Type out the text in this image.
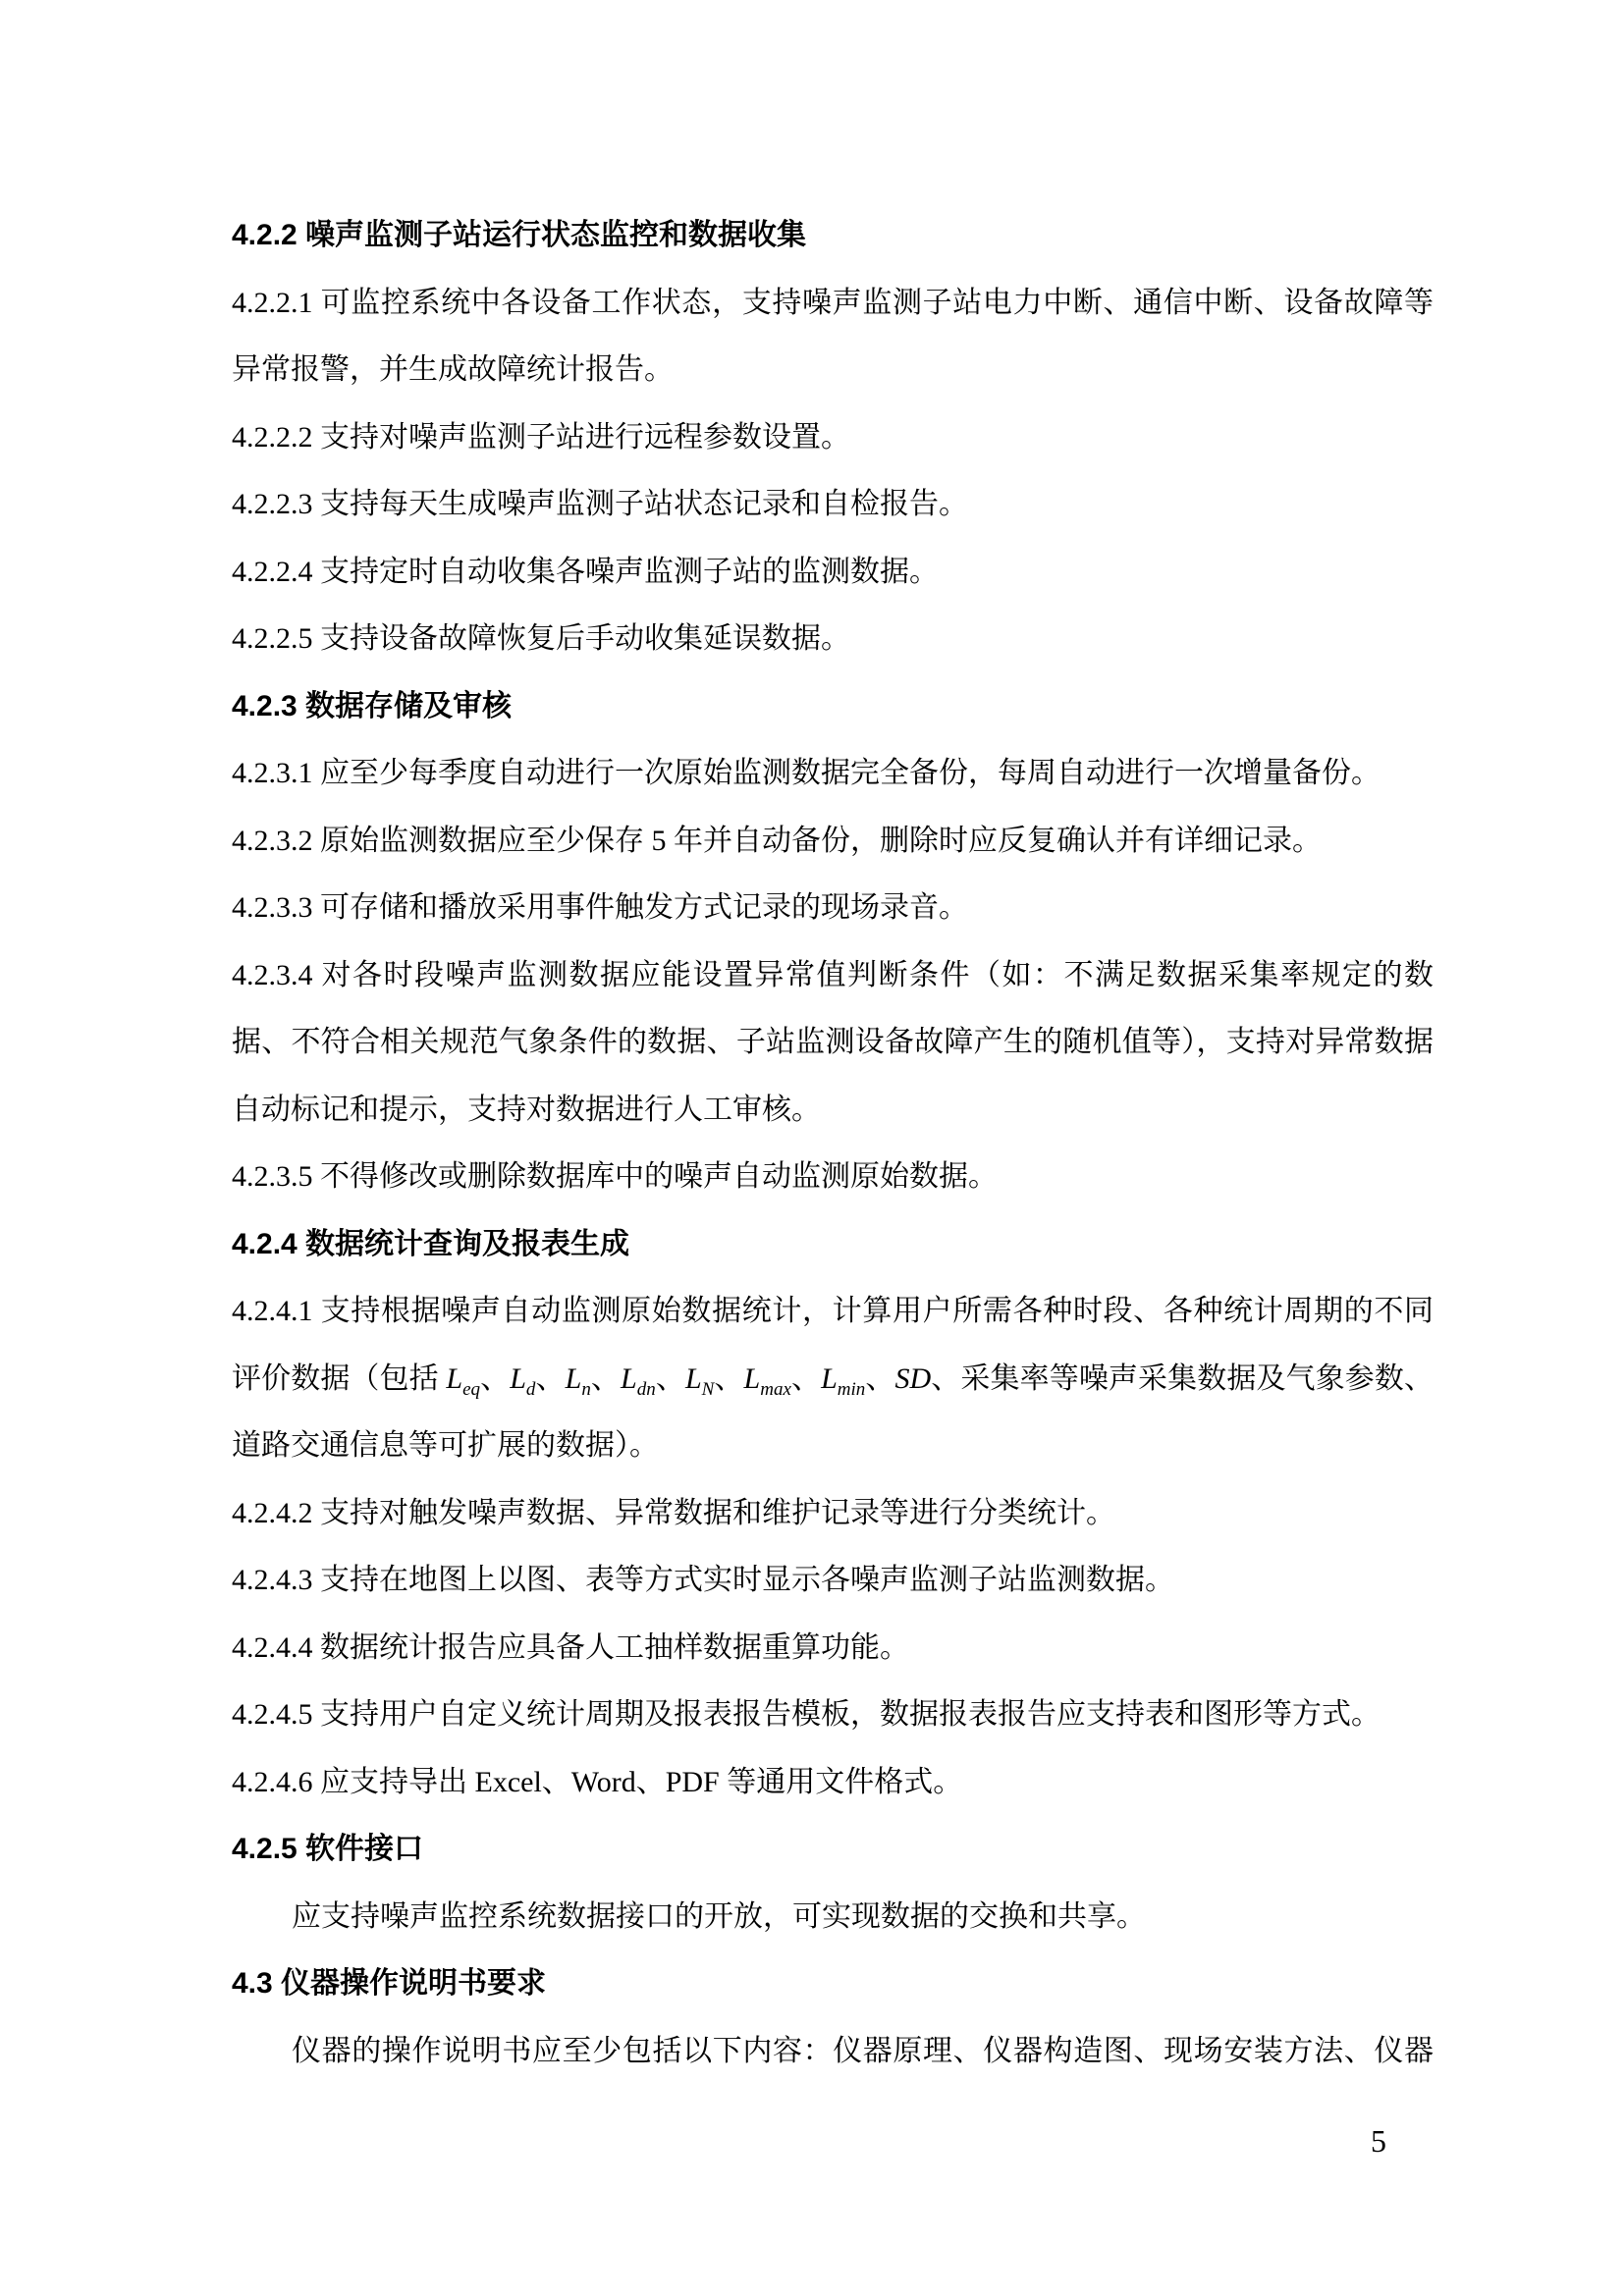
4.2.2 噪声监测子站运行状态监控和数据收集

4.2.2.1 可监控系统中各设备工作状态，支持噪声监测子站电力中断、通信中断、设备故障等异常报警，并生成故障统计报告。

4.2.2.2 支持对噪声监测子站进行远程参数设置。

4.2.2.3 支持每天生成噪声监测子站状态记录和自检报告。

4.2.2.4 支持定时自动收集各噪声监测子站的监测数据。

4.2.2.5 支持设备故障恢复后手动收集延误数据。

4.2.3 数据存储及审核

4.2.3.1 应至少每季度自动进行一次原始监测数据完全备份，每周自动进行一次增量备份。

4.2.3.2 原始监测数据应至少保存 5 年并自动备份，删除时应反复确认并有详细记录。

4.2.3.3 可存储和播放采用事件触发方式记录的现场录音。

4.2.3.4 对各时段噪声监测数据应能设置异常值判断条件（如：不满足数据采集率规定的数据、不符合相关规范气象条件的数据、子站监测设备故障产生的随机值等），支持对异常数据自动标记和提示，支持对数据进行人工审核。

4.2.3.5 不得修改或删除数据库中的噪声自动监测原始数据。

4.2.4 数据统计查询及报表生成

4.2.4.1 支持根据噪声自动监测原始数据统计，计算用户所需各种时段、各种统计周期的不同评价数据（包括 $L_{eq}$、$L_d$、$L_n$、$L_{dn}$、$L_N$、$L_{max}$、$L_{min}$、SD、采集率等噪声采集数据及气象参数、道路交通信息等可扩展的数据）。

4.2.4.2 支持对触发噪声数据、异常数据和维护记录等进行分类统计。

4.2.4.3 支持在地图上以图、表等方式实时显示各噪声监测子站监测数据。

4.2.4.4 数据统计报告应具备人工抽样数据重算功能。

4.2.4.5 支持用户自定义统计周期及报表报告模板，数据报表报告应支持表和图形等方式。

4.2.4.6 应支持导出 Excel、Word、PDF 等通用文件格式。

4.2.5 软件接口

应支持噪声监控系统数据接口的开放，可实现数据的交换和共享。

4.3 仪器操作说明书要求

仪器的操作说明书应至少包括以下内容：仪器原理、仪器构造图、现场安装方法、仪器

5
